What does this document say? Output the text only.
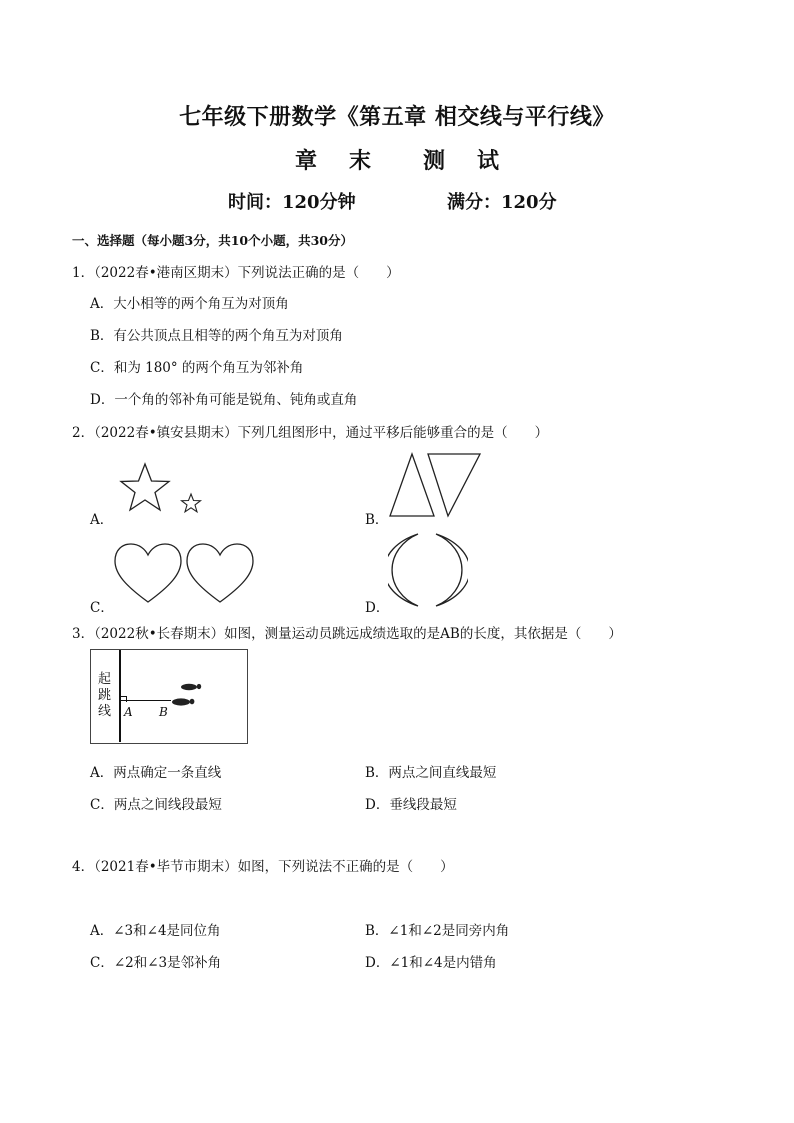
七年级下册数学《第五章 相交线与平行线》
章 末 测 试
时间：120分钟	满分：120分
一、选择题（每小题3分，共10个小题，共30分）
1．（2022春•港南区期末）下列说法正确的是（　　）
A．大小相等的两个角互为对顶角
B．有公共顶点且相等的两个角互为对顶角
C．和为 180° 的两个角互为邻补角
D．一个角的邻补角可能是锐角、钝角或直角
2．（2022春•镇安县期末）下列几组图形中，通过平移后能够重合的是（　　）
A．	B．
C．	D．
3．（2022秋•长春期末）如图，测量运动员跳远成绩选取的是AB的长度，其依据是（　　）
起
跳
线 A B
A．两点确定一条直线	B．两点之间直线最短
C．两点之间线段最短	D．垂线段最短
4．（2021春•毕节市期末）如图，下列说法不正确的是（　　）
A．∠3和∠4是同位角	B．∠1和∠2是同旁内角
C．∠2和∠3是邻补角	D．∠1和∠4是内错角
